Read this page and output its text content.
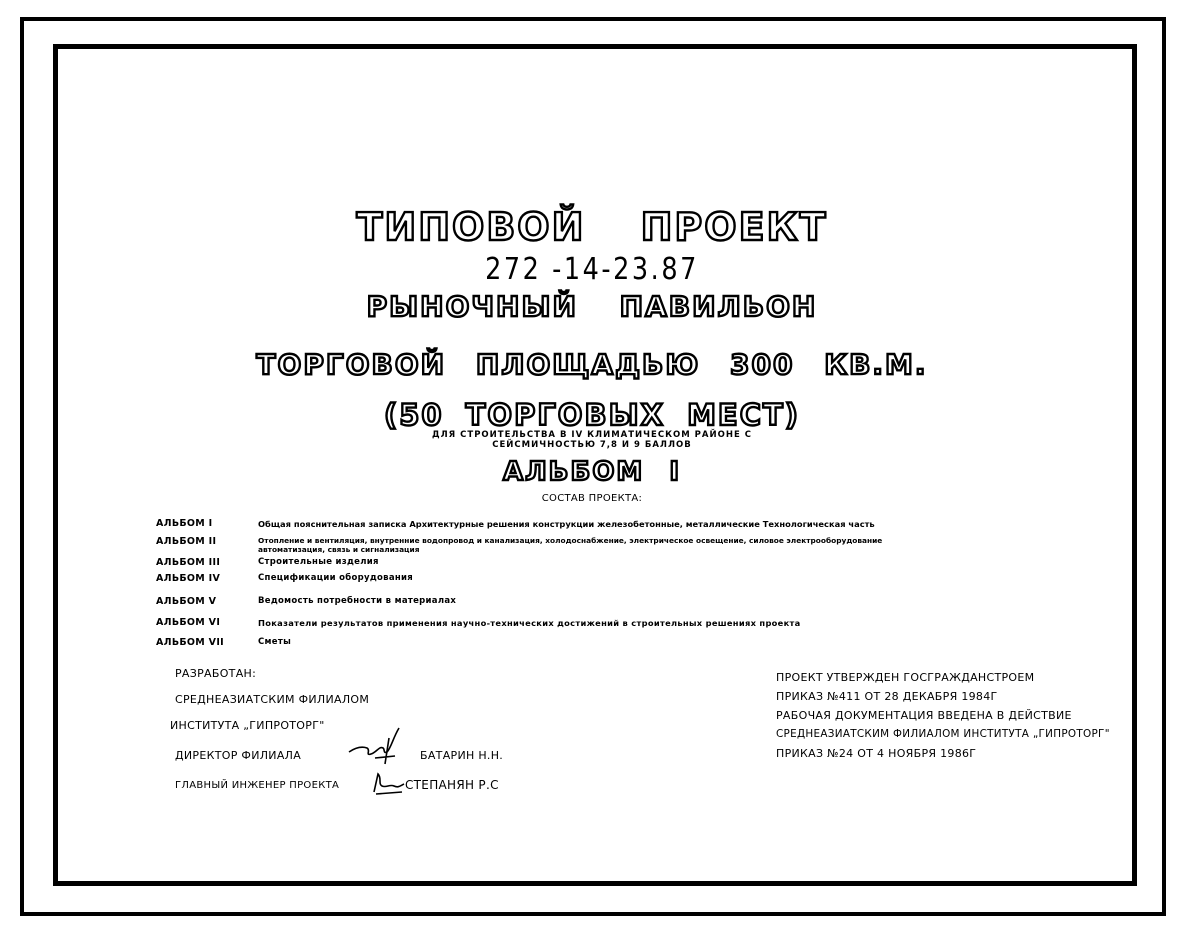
ТИПОВОЙ ПРОЕКТ
272 -14-23.87
РЫНОЧНЫЙ ПАВИЛЬОН
ТОРГОВОЙ ПЛОЩАДЬЮ 300 КВ.М.
(50 ТОРГОВЫХ МЕСТ)
ДЛЯ СТРОИТЕЛЬСТВА В IV КЛИМАТИЧЕСКОМ РАЙОНЕ С
СЕЙСМИЧНОСТЬЮ 7,8 И 9 БАЛЛОВ
АЛЬБОМ I
СОСТАВ ПРОЕКТА:
АЛЬБОМ I	Общая пояснительная записка Архитектурные решения конструкции железобетонные, металлические Технологическая часть
АЛЬБОМ II	Отопление и вентиляция, внутренние водопровод и канализация, холодоснабжение, электрическое освещение, силовое электрооборудование
автоматизация, связь и сигнализация
АЛЬБОМ III	Строительные изделия
АЛЬБОМ IV	Спецификации оборудования
АЛЬБОМ V	Ведомость потребности в материалах
АЛЬБОМ VI	Показатели результатов применения научно-технических достижений в строительных решениях проекта
АЛЬБОМ VII	Сметы
РАЗРАБОТАН:
СРЕДНЕАЗИАТСКИМ ФИЛИАЛОМ
ИНСТИТУТА „ГИПРОТОРГ"
ДИРЕКТОР ФИЛИАЛА	БАТАРИН Н.Н.
ГЛАВНЫЙ ИНЖЕНЕР ПРОЕКТА	СТЕПАНЯН Р.С
ПРОЕКТ УТВЕРЖДЕН ГОСГРАЖДАНСТРОЕМ
ПРИКАЗ №411 ОТ 28 ДЕКАБРЯ 1984Г
РАБОЧАЯ ДОКУМЕНТАЦИЯ ВВЕДЕНА В ДЕЙСТВИЕ
СРЕДНЕАЗИАТСКИМ ФИЛИАЛОМ ИНСТИТУТА „ГИПРОТОРГ"
ПРИКАЗ №24 ОТ 4 НОЯБРЯ 1986Г
